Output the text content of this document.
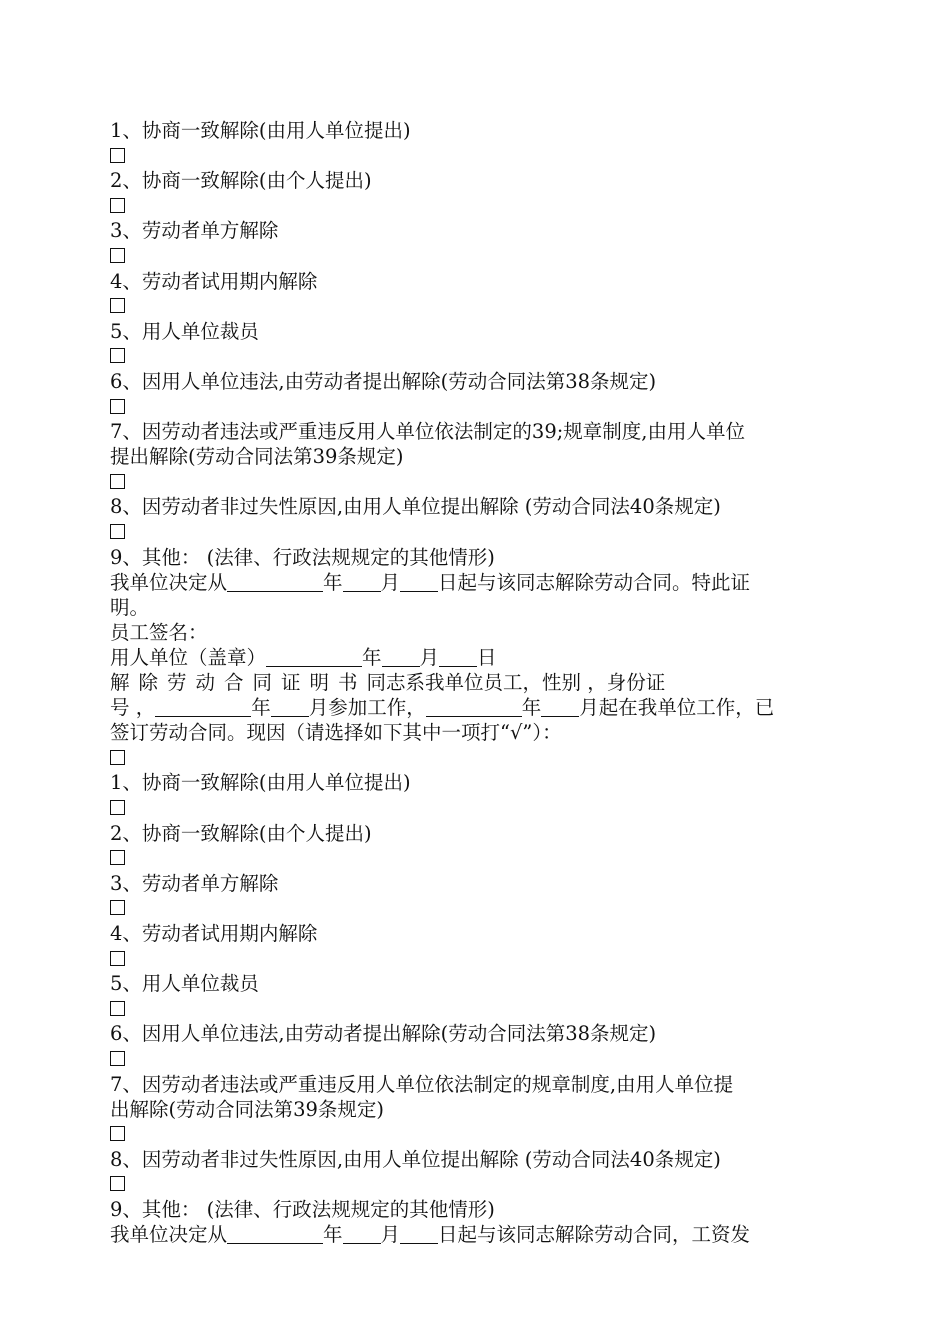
1、协商一致解除(由用人单位提出)
2、协商一致解除(由个人提出)
3、劳动者单方解除
4、劳动者试用期内解除
5、用人单位裁员
6、因用人单位违法,由劳动者提出解除(劳动合同法第38条规定)
7、因劳动者违法或严重违反用人单位依法制定的39;规章制度,由用人单位
提出解除(劳动合同法第39条规定)
8、因劳动者非过失性原因,由用人单位提出解除 (劳动合同法40条规定)
9、其他： (法律、行政法规规定的其他情形)
我单位决定从	年 月 日起与该同志解除劳动合同。特此证
明。
员工签名：
用人单位（盖章）	年 月 日
解除劳动合同证明书同志系我单位员工，性别 ，身份证
号 ，	年 月参加工作，	年 月起在我单位工作，已
签订劳动合同。现因（请选择如下其中一项打“√”）：
1、协商一致解除(由用人单位提出)
2、协商一致解除(由个人提出)
3、劳动者单方解除
4、劳动者试用期内解除
5、用人单位裁员
6、因用人单位违法,由劳动者提出解除(劳动合同法第38条规定)
7、因劳动者违法或严重违反用人单位依法制定的规章制度,由用人单位提
出解除(劳动合同法第39条规定)
8、因劳动者非过失性原因,由用人单位提出解除 (劳动合同法40条规定)
9、其他： (法律、行政法规规定的其他情形)
我单位决定从	年 月 日起与该同志解除劳动合同，工资发
